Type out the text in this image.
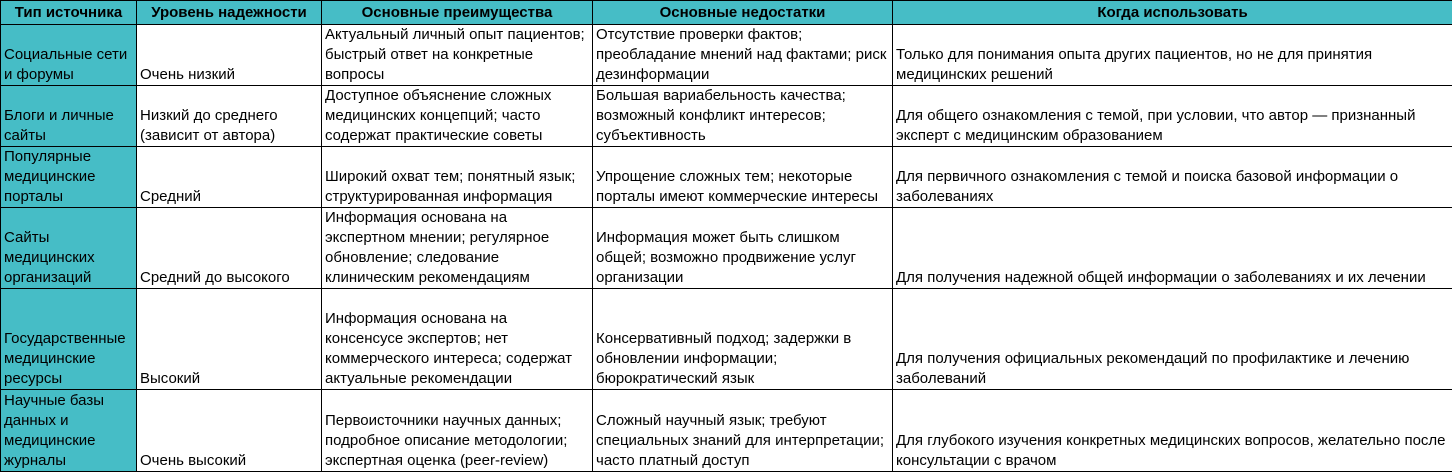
Тип источника	Уровень надежности	Основные преимущества	Основные недостатки	Когда использовать

Социальные сети и форумы	Очень низкий	Актуальный личный опыт пациентов; быстрый ответ на конкретные вопросы	Отсутствие проверки фактов; преобладание мнений над фактами; риск дезинформации	Только для понимания опыта других пациентов, но не для принятия медицинских решений

Блоги и личные сайты	Низкий до среднего (зависит от автора)	Доступное объяснение сложных медицинских концепций; часто содержат практические советы	Большая вариабельность качества; возможный конфликт интересов; субъективность	Для общего ознакомления с темой, при условии, что автор — признанный эксперт с медицинским образованием

Популярные медицинские порталы	Средний	Широкий охват тем; понятный язык; структурированная информация	Упрощение сложных тем; некоторые порталы имеют коммерческие интересы	Для первичного ознакомления с темой и поиска базовой информации о заболеваниях

Сайты медицинских организаций	Средний до высокого	Информация основана на экспертном мнении; регулярное обновление; следование клиническим рекомендациям	Информация может быть слишком общей; возможно продвижение услуг организации	Для получения надежной общей информации о заболеваниях и их лечении

Государственные медицинские ресурсы	Высокий	Информация основана на консенсусе экспертов; нет коммерческого интереса; содержат актуальные рекомендации	Консервативный подход; задержки в обновлении информации; бюрократический язык	Для получения официальных рекомендаций по профилактике и лечению заболеваний

Научные базы данных и медицинские журналы	Очень высокий	Первоисточники научных данных; подробное описание методологии; экспертная оценка (peer-review)	Сложный научный язык; требуют специальных знаний для интерпретации; часто платный доступ	Для глубокого изучения конкретных медицинских вопросов, желательно после консультации с врачом
